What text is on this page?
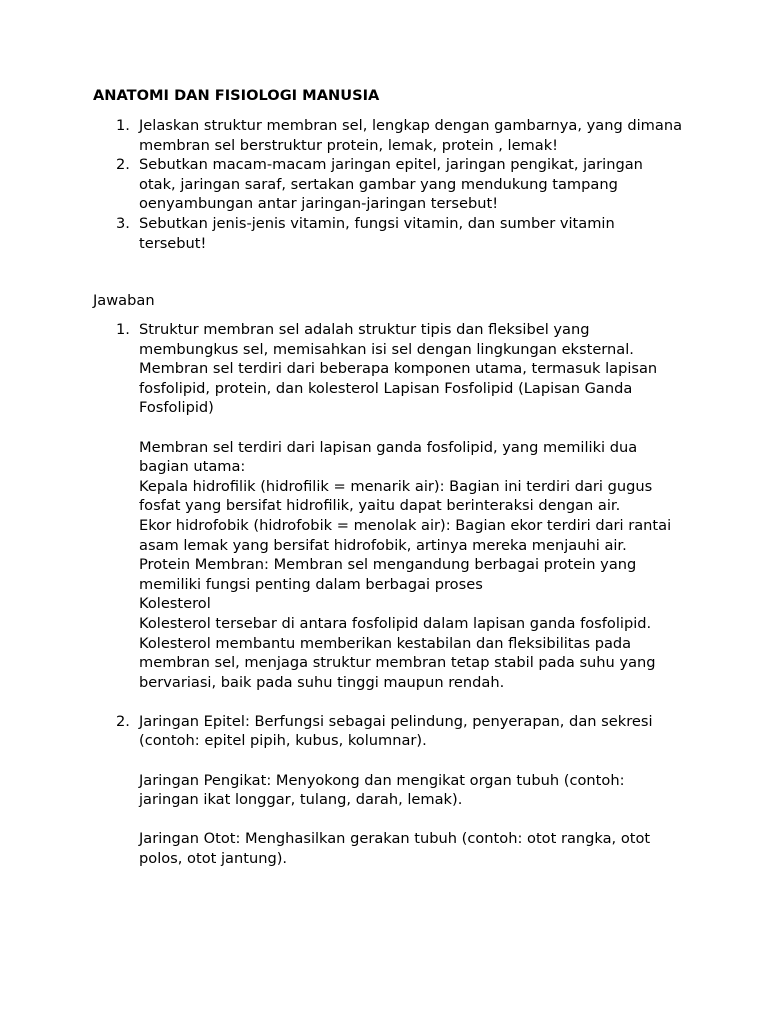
ANATOMI DAN FISIOLOGI MANUSIA
1. Jelaskan struktur membran sel, lengkap dengan gambarnya, yang dimana membran sel berstruktur protein, lemak, protein , lemak!
2. Sebutkan macam-macam jaringan epitel, jaringan pengikat, jaringan otak, jaringan saraf, sertakan gambar yang mendukung tampang oenyambungan antar jaringan-jaringan tersebut!
3. Sebutkan jenis-jenis vitamin, fungsi vitamin, dan sumber vitamin tersebut!

Jawaban

1. Struktur membran sel adalah struktur tipis dan fleksibel yang membungkus sel, memisahkan isi sel dengan lingkungan eksternal. Membran sel terdiri dari beberapa komponen utama, termasuk lapisan fosfolipid, protein, dan kolesterol Lapisan Fosfolipid (Lapisan Ganda Fosfolipid)

Membran sel terdiri dari lapisan ganda fosfolipid, yang memiliki dua bagian utama:

Kepala hidrofilik (hidrofilik = menarik air): Bagian ini terdiri dari gugus fosfat yang bersifat hidrofilik, yaitu dapat berinteraksi dengan air.

Ekor hidrofobik (hidrofobik = menolak air): Bagian ekor terdiri dari rantai asam lemak yang bersifat hidrofobik, artinya mereka menjauhi air.

Protein Membran: Membran sel mengandung berbagai protein yang memiliki fungsi penting dalam berbagai proses

Kolesterol

Kolesterol tersebar di antara fosfolipid dalam lapisan ganda fosfolipid. Kolesterol membantu memberikan kestabilan dan fleksibilitas pada membran sel, menjaga struktur membran tetap stabil pada suhu yang bervariasi, baik pada suhu tinggi maupun rendah.

2. Jaringan Epitel: Berfungsi sebagai pelindung, penyerapan, dan sekresi (contoh: epitel pipih, kubus, kolumnar).

Jaringan Pengikat: Menyokong dan mengikat organ tubuh (contoh: jaringan ikat longgar, tulang, darah, lemak).

Jaringan Otot: Menghasilkan gerakan tubuh (contoh: otot rangka, otot polos, otot jantung).
